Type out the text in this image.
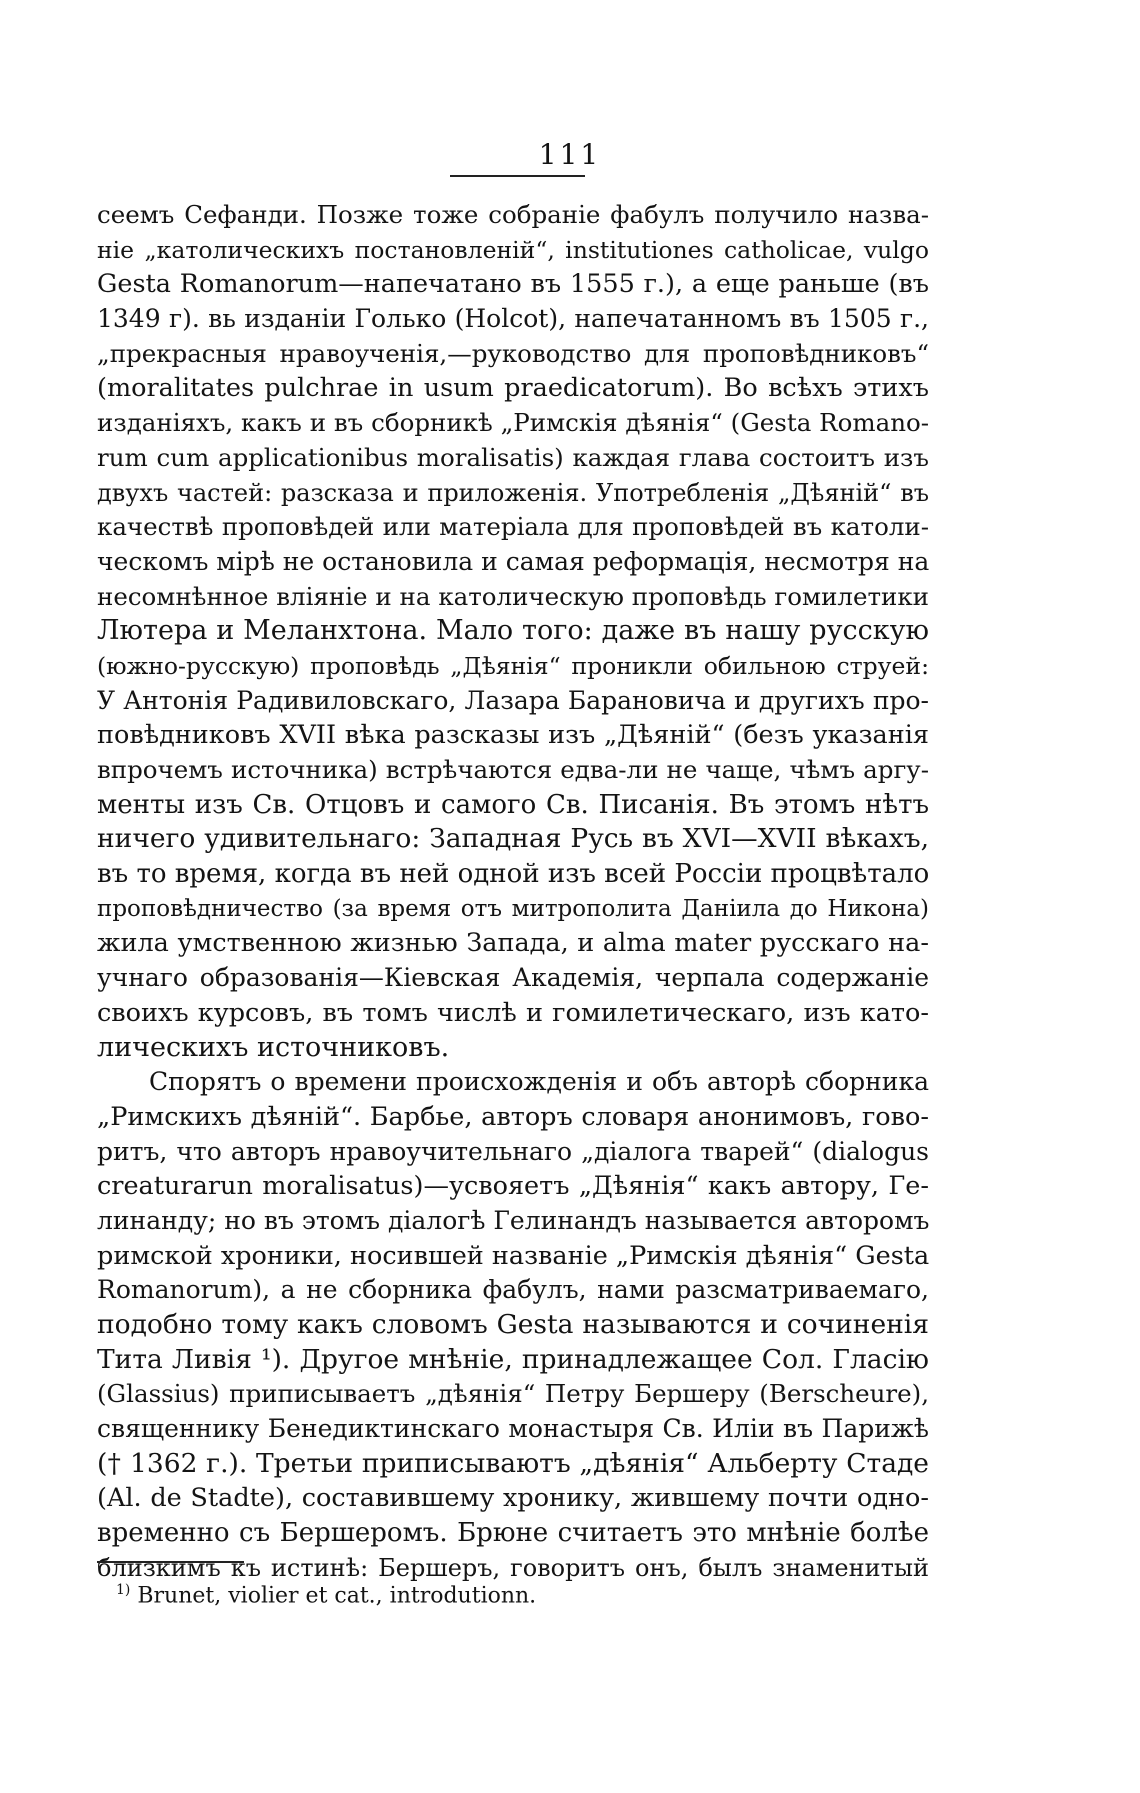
111
сеемъ Сефанди. Позже тоже собраніе фабулъ получило назва-
ніе „католическихъ постановленій“, institutiones catholicae, vulgo
Gesta Romanorum—напечатано въ 1555 г.), а еще раньше (въ
1349 г). вь изданіи Голько (Holcot), напечатанномъ въ 1505 г.,
„прекрасныя нравоученія,—руководство для проповѣдниковъ“
(moralitates pulchrae in usum praedicatorum). Во всѣхъ этихъ
изданіяхъ, какъ и въ сборникѣ „Римскія дѣянія“ (Gesta Romano-
rum cum applicationibus moralisatis) каждая глава состоитъ изъ
двухъ частей: разсказа и приложенія. Употребленія „Дѣяній“ въ
качествѣ проповѣдей или матеріала для проповѣдей въ католи-
ческомъ мірѣ не остановила и самая реформація, несмотря на
несомнѣнное вліяніе и на католическую проповѣдь гомилетики
Лютера и Меланхтона. Мало того: даже въ нашу русскую
(южно-русскую) проповѣдь „Дѣянія“ проникли обильною струей:
У Антонія Радивиловскаго, Лазара Барановича и другихъ про-
повѣдниковъ XVII вѣка разсказы изъ „Дѣяній“ (безъ указанія
впрочемъ источника) встрѣчаются едва-ли не чаще, чѣмъ аргу-
менты изъ Св. Отцовъ и самого Св. Писанія. Въ этомъ нѣтъ
ничего удивительнаго: Западная Русь въ XVI—XVII вѣкахъ,
въ то время, когда въ ней одной изъ всей Россіи процвѣтало
проповѣдничество (за время отъ митрополита Даніила до Никона)
жила умственною жизнью Запада, и alma mater русскаго на-
учнаго образованія—Кіевская Академія, черпала содержаніе
своихъ курсовъ, въ томъ числѣ и гомилетическаго, изъ като-
лическихъ источниковъ.
Спорятъ о времени происхожденія и объ авторѣ сборника
„Римскихъ дѣяній“. Барбье, авторъ словаря анонимовъ, гово-
ритъ, что авторъ нравоучительнаго „діалога тварей“ (dialogus
creaturarun moralisatus)—усвояетъ „Дѣянія“ какъ автору, Ге-
линанду; но въ этомъ діалогѣ Гелинандъ называется авторомъ
римской хроники, носившей названіе „Римскія дѣянія“ Gesta
Romanorum), а не сборника фабулъ, нами разсматриваемаго,
подобно тому какъ словомъ Gesta называются и сочиненія
Тита Ливія ¹). Другое мнѣніе, принадлежащее Сол. Гласію
(Glassius) приписываетъ „дѣянія“ Петру Бершеру (Berscheure),
священнику Бенедиктинскаго монастыря Св. Иліи въ Парижѣ
(† 1362 г.). Третьи приписываютъ „дѣянія“ Альберту Стаде
(Al. de Stadte), составившему хронику, жившему почти одно-
временно съ Бершеромъ. Брюне считаетъ это мнѣніе болѣе
близкимъ къ истинѣ: Бершеръ, говоритъ онъ, былъ знаменитый
$^{1)}$ Brunet, violier et cat., introdutionn.
